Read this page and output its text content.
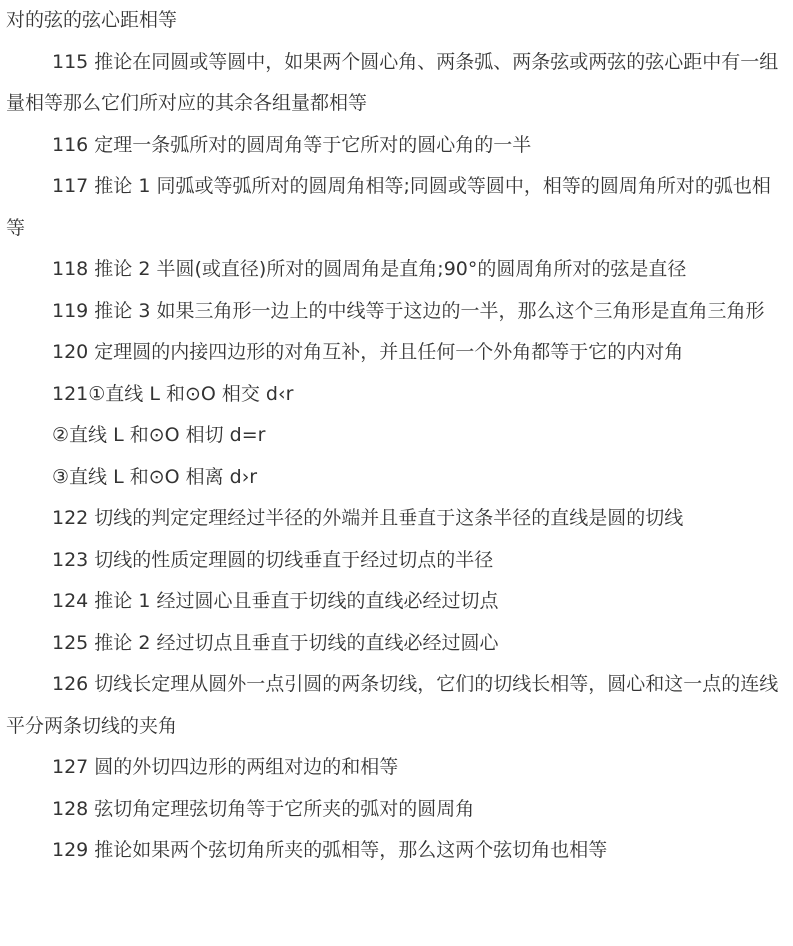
对的弦的弦心距相等

115 推论在同圆或等圆中，如果两个圆心角、两条弧、两条弦或两弦的弦心距中有一组量相等那么它们所对应的其余各组量都相等

116 定理一条弧所对的圆周角等于它所对的圆心角的一半

117 推论 1 同弧或等弧所对的圆周角相等;同圆或等圆中，相等的圆周角所对的弧也相等

118 推论 2 半圆(或直径)所对的圆周角是直角;90°的圆周角所对的弦是直径

119 推论 3 如果三角形一边上的中线等于这边的一半，那么这个三角形是直角三角形

120 定理圆的内接四边形的对角互补，并且任何一个外角都等于它的内对角

121①直线 L 和⊙O 相交 d‹r

②直线 L 和⊙O 相切 d=r

③直线 L 和⊙O 相离 d›r

122 切线的判定定理经过半径的外端并且垂直于这条半径的直线是圆的切线

123 切线的性质定理圆的切线垂直于经过切点的半径

124 推论 1 经过圆心且垂直于切线的直线必经过切点

125 推论 2 经过切点且垂直于切线的直线必经过圆心

126 切线长定理从圆外一点引圆的两条切线，它们的切线长相等，圆心和这一点的连线平分两条切线的夹角

127 圆的外切四边形的两组对边的和相等

128 弦切角定理弦切角等于它所夹的弧对的圆周角

129 推论如果两个弦切角所夹的弧相等，那么这两个弦切角也相等
